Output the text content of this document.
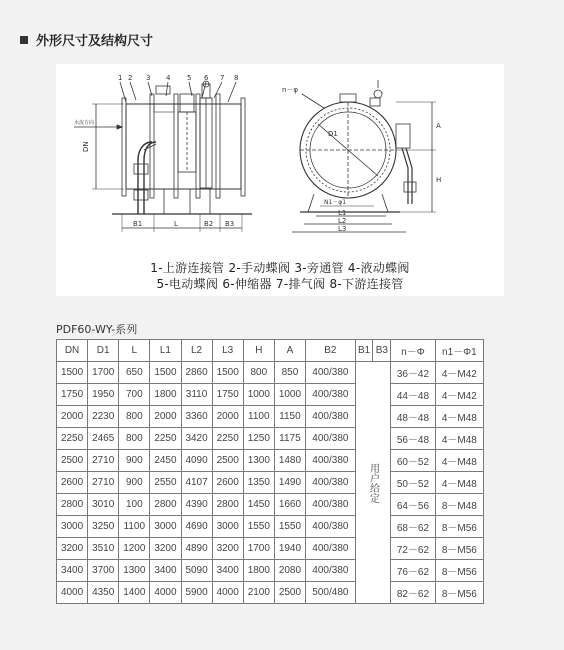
外形尺寸及结构尺寸
1 2 3 4 5 6 7 8
水流方向
DN
B1	L	B2 B3
n－φ
D1
N1－φ1
L1
L2
L3
A
H
1-上游连接管 2-手动蝶阀 3-旁通管 4-液动蝶阀
5-电动蝶阀 6-伸缩器 7-排气阀 8-下游连接管
PDF60-WY-系列
DN	D1	L	L1	L2	L3	H	A	B2	B1	B3	n－Φ	n1－Φ1
1500	1700	650	1500	2860	1500	800	850	400/380	用户给定		36－42	4－M42
1750	1950	700	1800	3110	1750	1000	1000	400/380			44－48	4－M42
2000	2230	800	2000	3360	2000	1100	1150	400/380			48－48	4－M48
2250	2465	800	2250	3420	2250	1250	1175	400/380			56－48	4－M48
2500	2710	900	2450	4090	2500	1300	1480	400/380			60－52	4－M48
2600	2710	900	2550	4107	2600	1350	1490	400/380			50－52	4－M48
2800	3010	100	2800	4390	2800	1450	1660	400/380			64－56	8－M48
3000	3250	1100	3000	4690	3000	1550	1550	400/380			68－62	8－M56
3200	3510	1200	3200	4890	3200	1700	1940	400/380			72－62	8－M56
3400	3700	1300	3400	5090	3400	1800	2080	400/380			76－62	8－M56
4000	4350	1400	4000	5900	4000	2100	2500	500/480			82－62	8－M56
